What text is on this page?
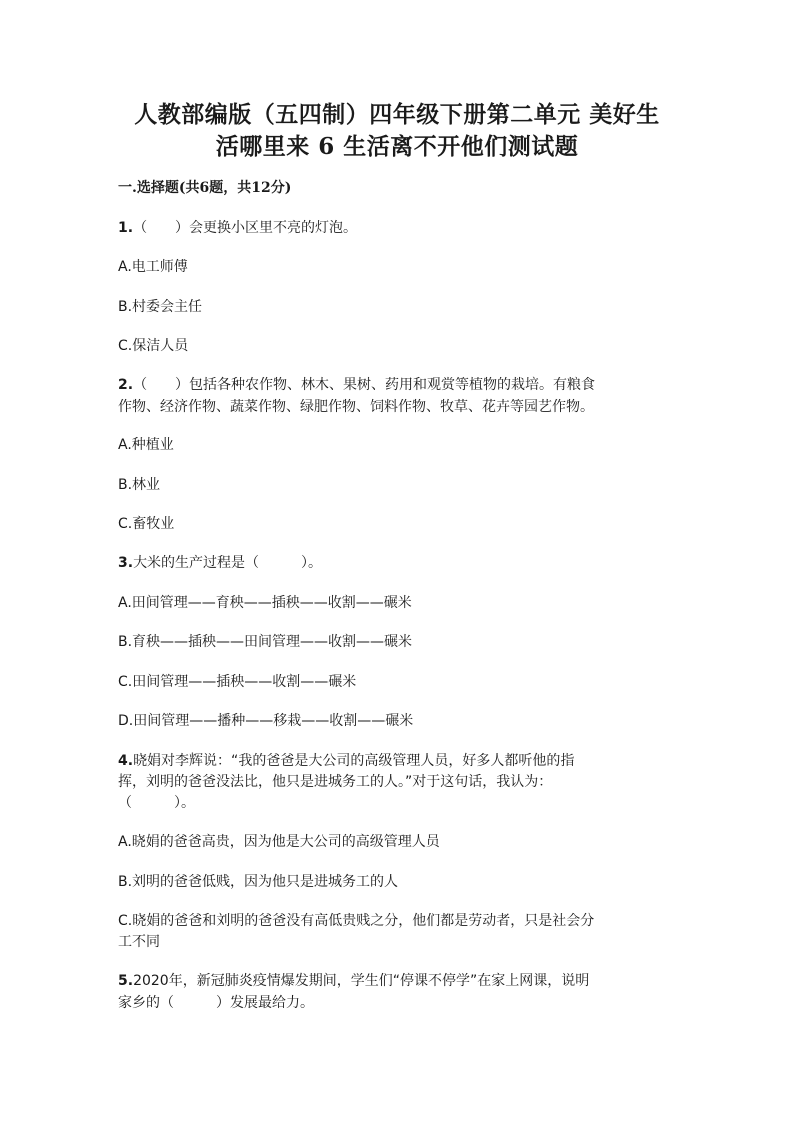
人教部编版（五四制）四年级下册第二单元 美好生
活哪里来 6 生活离不开他们测试题
一.选择题(共6题，共12分)
1.（　　）会更换小区里不亮的灯泡。
A.电工师傅
B.村委会主任
C.保洁人员
2.（　　）包括各种农作物、林木、果树、药用和观赏等植物的栽培。有粮食
作物、经济作物、蔬菜作物、绿肥作物、饲料作物、牧草、花卉等园艺作物。
A.种植业
B.林业
C.畜牧业
3.大米的生产过程是（　　　）。
A.田间管理——育秧——插秧——收割——碾米
B.育秧——插秧——田间管理——收割——碾米
C.田间管理——插秧——收割——碾米
D.田间管理——播种——移栽——收割——碾米
4.晓娟对李辉说：“我的爸爸是大公司的高级管理人员，好多人都听他的指
挥，刘明的爸爸没法比，他只是进城务工的人。”对于这句话，我认为：
（　　　）。
A.晓娟的爸爸高贵，因为他是大公司的高级管理人员
B.刘明的爸爸低贱，因为他只是进城务工的人
C.晓娟的爸爸和刘明的爸爸没有高低贵贱之分，他们都是劳动者，只是社会分
工不同
5.2020年，新冠肺炎疫情爆发期间，学生们“停课不停学”在家上网课，说明
家乡的（　　　）发展最给力。
